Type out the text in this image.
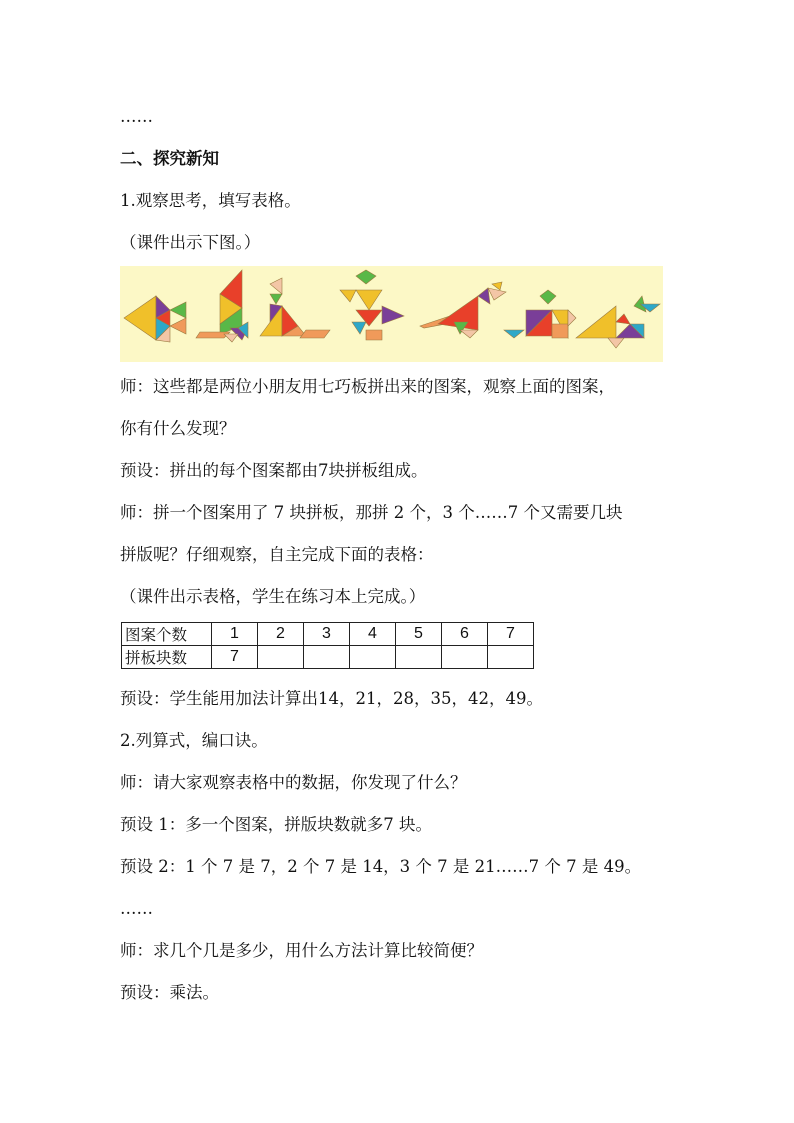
……
二、探究新知
1.观察思考，填写表格。
（课件出示下图。）
师：这些都是两位小朋友用七巧板拼出来的图案，观察上面的图案，
你有什么发现？
预设：拼出的每个图案都由7块拼板组成。
师：拼一个图案用了 7 块拼板，那拼 2 个，3 个……7 个又需要几块
拼版呢？仔细观察，自主完成下面的表格：
（课件出示表格，学生在练习本上完成。）
图案个数	1	2	3	4	5	6	7
拼板块数	7						
预设：学生能用加法计算出14，21，28，35，42，49。
2.列算式，编口诀。
师：请大家观察表格中的数据，你发现了什么？
预设 1：多一个图案，拼版块数就多7 块。
预设 2：1 个 7 是 7，2 个 7 是 14，3 个 7 是 21……7 个 7 是 49。
……
师：求几个几是多少，用什么方法计算比较简便？
预设：乘法。
